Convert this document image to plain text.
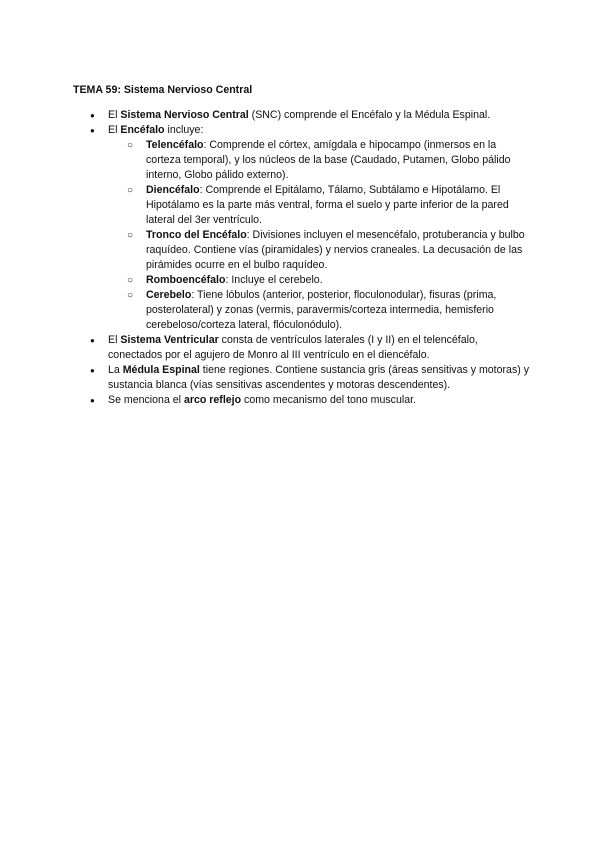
TEMA 59: Sistema Nervioso Central
● El Sistema Nervioso Central (SNC) comprende el Encéfalo y la Médula Espinal.
● El Encéfalo incluye:
○ Telencéfalo: Comprende el córtex, amígdala e hipocampo (inmersos en la corteza temporal), y los núcleos de la base (Caudado, Putamen, Globo pálido interno, Globo pálido externo).
○ Diencéfalo: Comprende el Epitálamo, Tálamo, Subtálamo e Hipotálamo. El Hipotálamo es la parte más ventral, forma el suelo y parte inferior de la pared lateral del 3er ventrículo.
○ Tronco del Encéfalo: Divisiones incluyen el mesencéfalo, protuberancia y bulbo raquídeo. Contiene vías (piramidales) y nervios craneales. La decusación de las pirámides ocurre en el bulbo raquídeo.
○ Romboencéfalo: Incluye el cerebelo.
○ Cerebelo: Tiene lóbulos (anterior, posterior, floculonodular), fisuras (prima, posterolateral) y zonas (vermis, paravermis/corteza intermedia, hemisferio cerebeloso/corteza lateral, flóculonódulo).
● El Sistema Ventricular consta de ventrículos laterales (I y II) en el telencéfalo, conectados por el agujero de Monro al III ventrículo en el diencéfalo.
● La Médula Espinal tiene regiones. Contiene sustancia gris (áreas sensitivas y motoras) y sustancia blanca (vías sensitivas ascendentes y motoras descendentes).
● Se menciona el arco reflejo como mecanismo del tono muscular.
